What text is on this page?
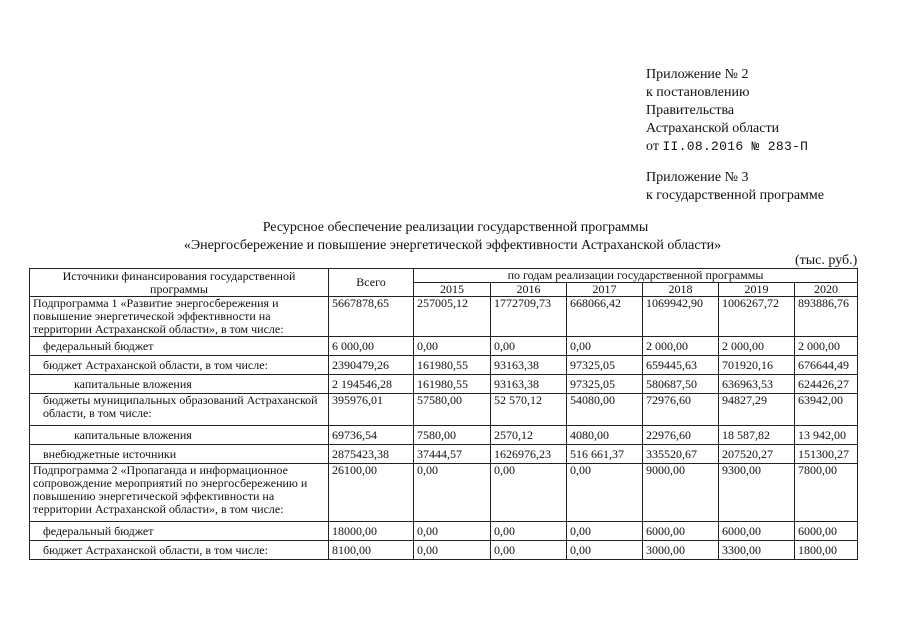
Приложение № 2
к постановлению
Правительства
Астраханской области
от II.08.2016 № 283-П
Приложение № 3
к государственной программе
Ресурсное обеспечение реализации государственной программы
«Энергосбережение и повышение энергетической эффективности Астраханской области»
(тыс. руб.)
Источники финансирования государственной программы	Всего	по годам реализации государственной программы					
		2015	2016	2017	2018	2019	2020
Подпрограмма 1 «Развитие энергосбережения и повышение энергетической эффективности на территории Астраханской области», в том числе:	5667878,65	257005,12	1772709,73	668066,42	1069942,90	1006267,72	893886,76
федеральный бюджет	6 000,00	0,00	0,00	0,00	2 000,00	2 000,00	2 000,00
бюджет Астраханской области, в том числе:	2390479,26	161980,55	93163,38	97325,05	659445,63	701920,16	676644,49
капитальные вложения	2 194546,28	161980,55	93163,38	97325,05	580687,50	636963,53	624426,27
бюджеты муниципальных образований Астраханской области, в том числе:	395976,01	57580,00	52 570,12	54080,00	72976,60	94827,29	63942,00
капитальные вложения	69736,54	7580,00	2570,12	4080,00	22976,60	18 587,82	13 942,00
внебюджетные источники	2875423,38	37444,57	1626976,23	516 661,37	335520,67	207520,27	151300,27
Подпрограмма 2 «Пропаганда и информационное сопровождение мероприятий по энергосбережению и повышению энергетической эффективности на территории Астраханской области», в том числе:	26100,00	0,00	0,00	0,00	9000,00	9300,00	7800,00
федеральный бюджет	18000,00	0,00	0,00	0,00	6000,00	6000,00	6000,00
бюджет Астраханской области, в том числе:	8100,00	0,00	0,00	0,00	3000,00	3300,00	1800,00
